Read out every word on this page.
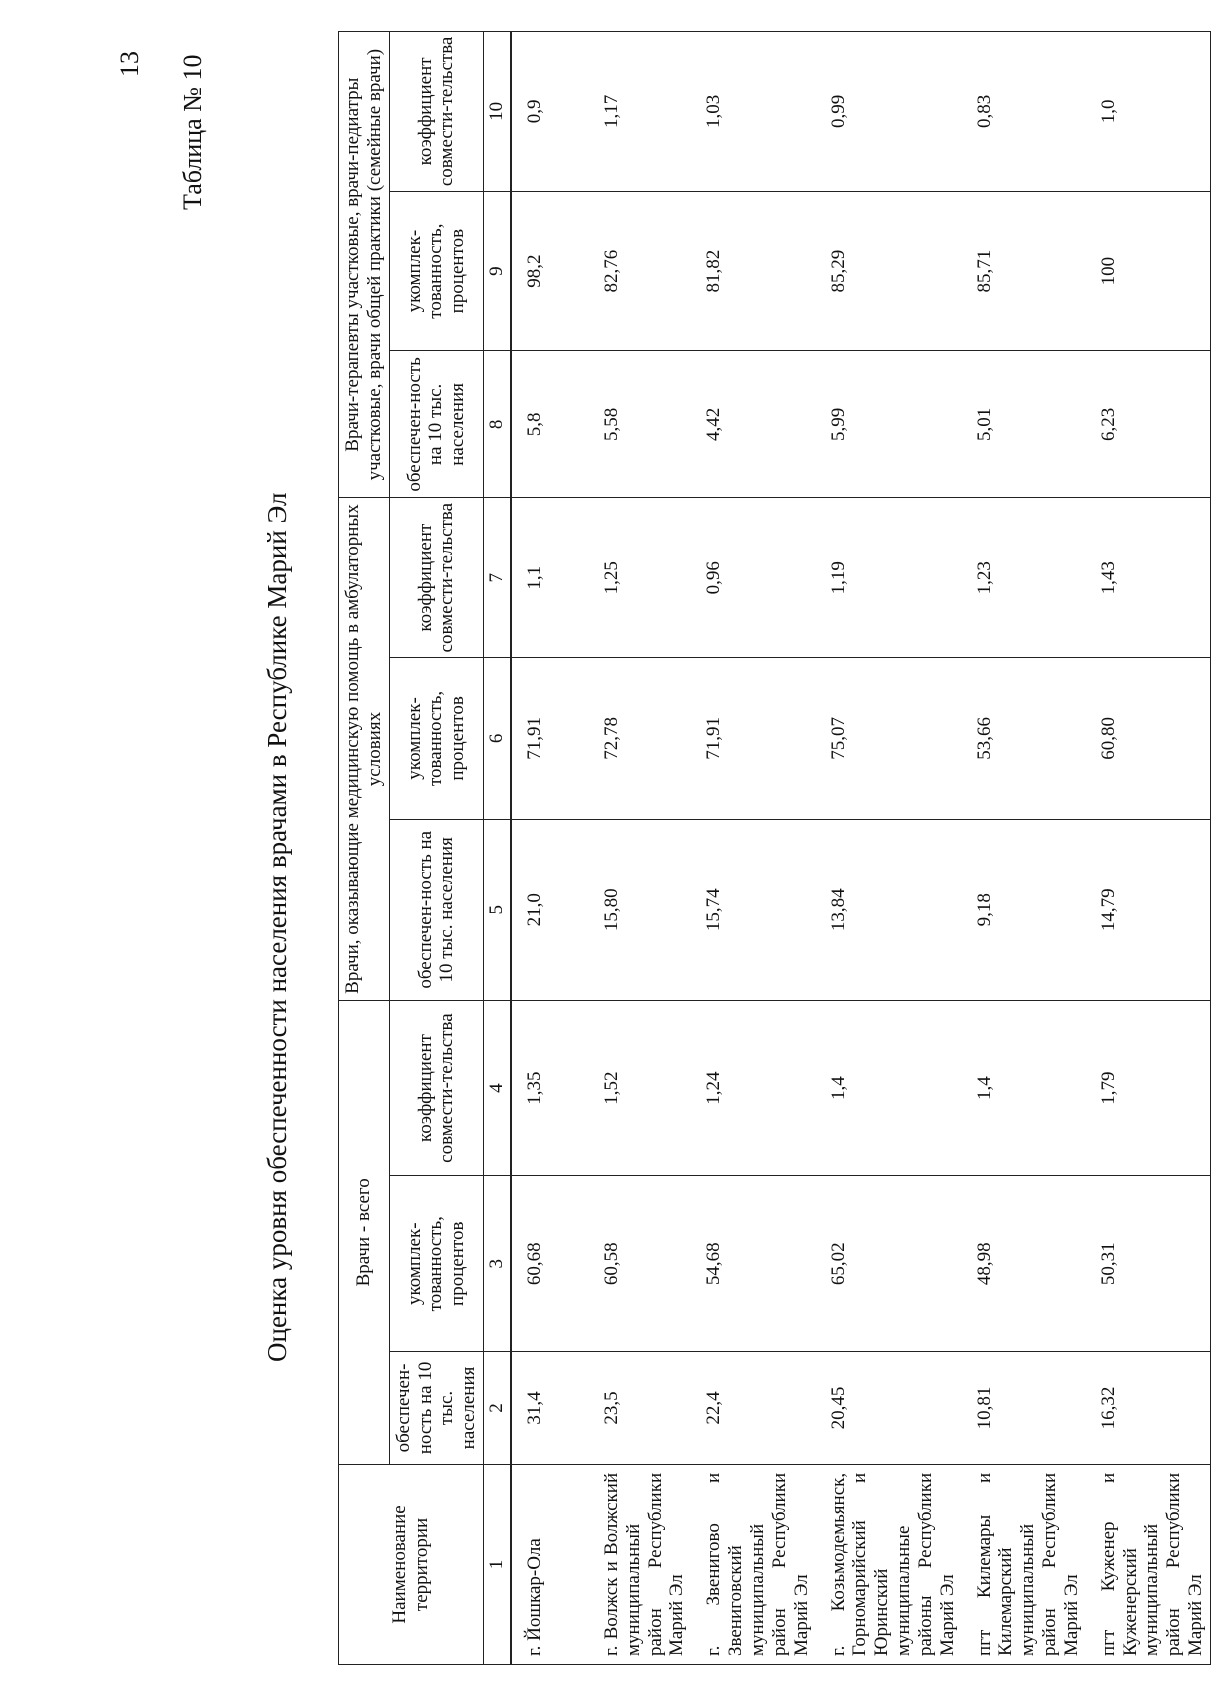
13 Таблица № 10
Оценка уровня обеспеченности населения врачами в Республике Марий Эл
Наименование территории	Врачи - всего			Врачи, оказывающие медицинскую помощь в амбулаторных условиях			Врачи-терапевты участковые, врачи-педиатры участковые, врачи общей практики (семейные врачи)		
	обеспечен-ность на 10 тыс. населения	укомплек-тованность, процентов	коэффициент совмести-тельства	обеспечен-ность на 10 тыс. населения	укомплек-тованность, процентов	коэффициент совмести-тельства	обеспечен-ность на 10 тыс. населения	укомплек-тованность, процентов	коэффициент совмести-тельства
1	2	3	4	5	6	7	8	9	10
г. Йошкар-Ола	31,4	60,68	1,35	21,0	71,91	1,1	5,8	98,2	0,9
г. Волжск и Волжский муниципальный район Республики Марий Эл	23,5	60,58	1,52	15,80	72,78	1,25	5,58	82,76	1,17
г. Звенигово и Звениговский муниципальный район Республики Марий Эл	22,4	54,68	1,24	15,74	71,91	0,96	4,42	81,82	1,03
г. Козьмодемьянск, Горномарийский и Юринский муниципальные районы Республики Марий Эл	20,45	65,02	1,4	13,84	75,07	1,19	5,99	85,29	0,99
пгт Килемары и Килемарский муниципальный район Республики Марий Эл	10,81	48,98	1,4	9,18	53,66	1,23	5,01	85,71	0,83
пгт Куженер и Куженерский муниципальный район Республики Марий Эл	16,32	50,31	1,79	14,79	60,80	1,43	6,23	100	1,0
